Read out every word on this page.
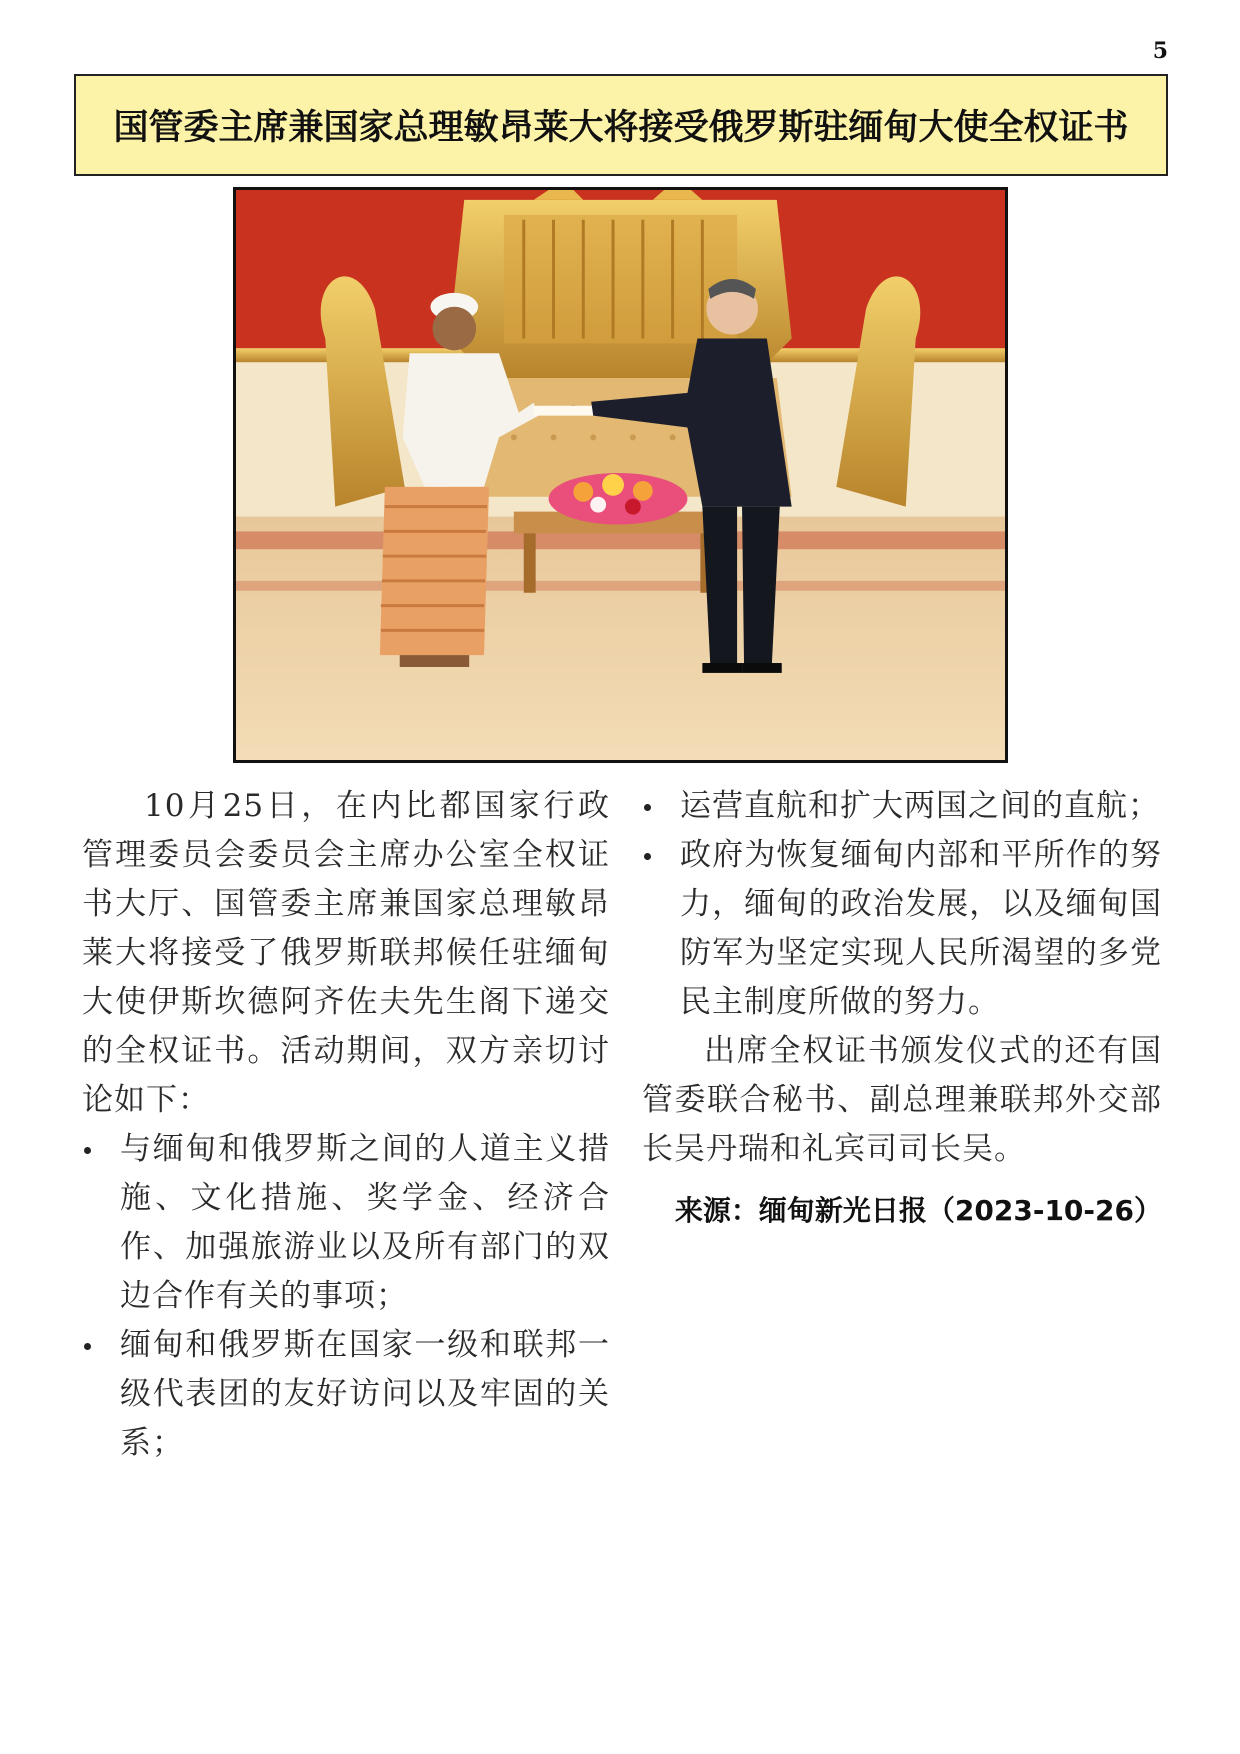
5
国管委主席兼国家总理敏昂莱大将接受俄罗斯驻缅甸大使全权证书

10月25日，在内比都国家行政管理委员会委员会主席办公室全权证书大厅、国管委主席兼国家总理敏昂莱大将接受了俄罗斯联邦候任驻缅甸大使伊斯坎德阿齐佐夫先生阁下递交的全权证书。活动期间，双方亲切讨论如下：

与缅甸和俄罗斯之间的人道主义措施、文化措施、奖学金、经济合作、加强旅游业以及所有部门的双边合作有关的事项；
缅甸和俄罗斯在国家一级和联邦一级代表团的友好访问以及牢固的关系；
运营直航和扩大两国之间的直航；
政府为恢复缅甸内部和平所作的努力，缅甸的政治发展，以及缅甸国防军为坚定实现人民所渴望的多党民主制度所做的努力。

出席全权证书颁发仪式的还有国管委联合秘书、副总理兼联邦外交部长吴丹瑞和礼宾司司长吴。

来源：缅甸新光日报（2023-10-26）
